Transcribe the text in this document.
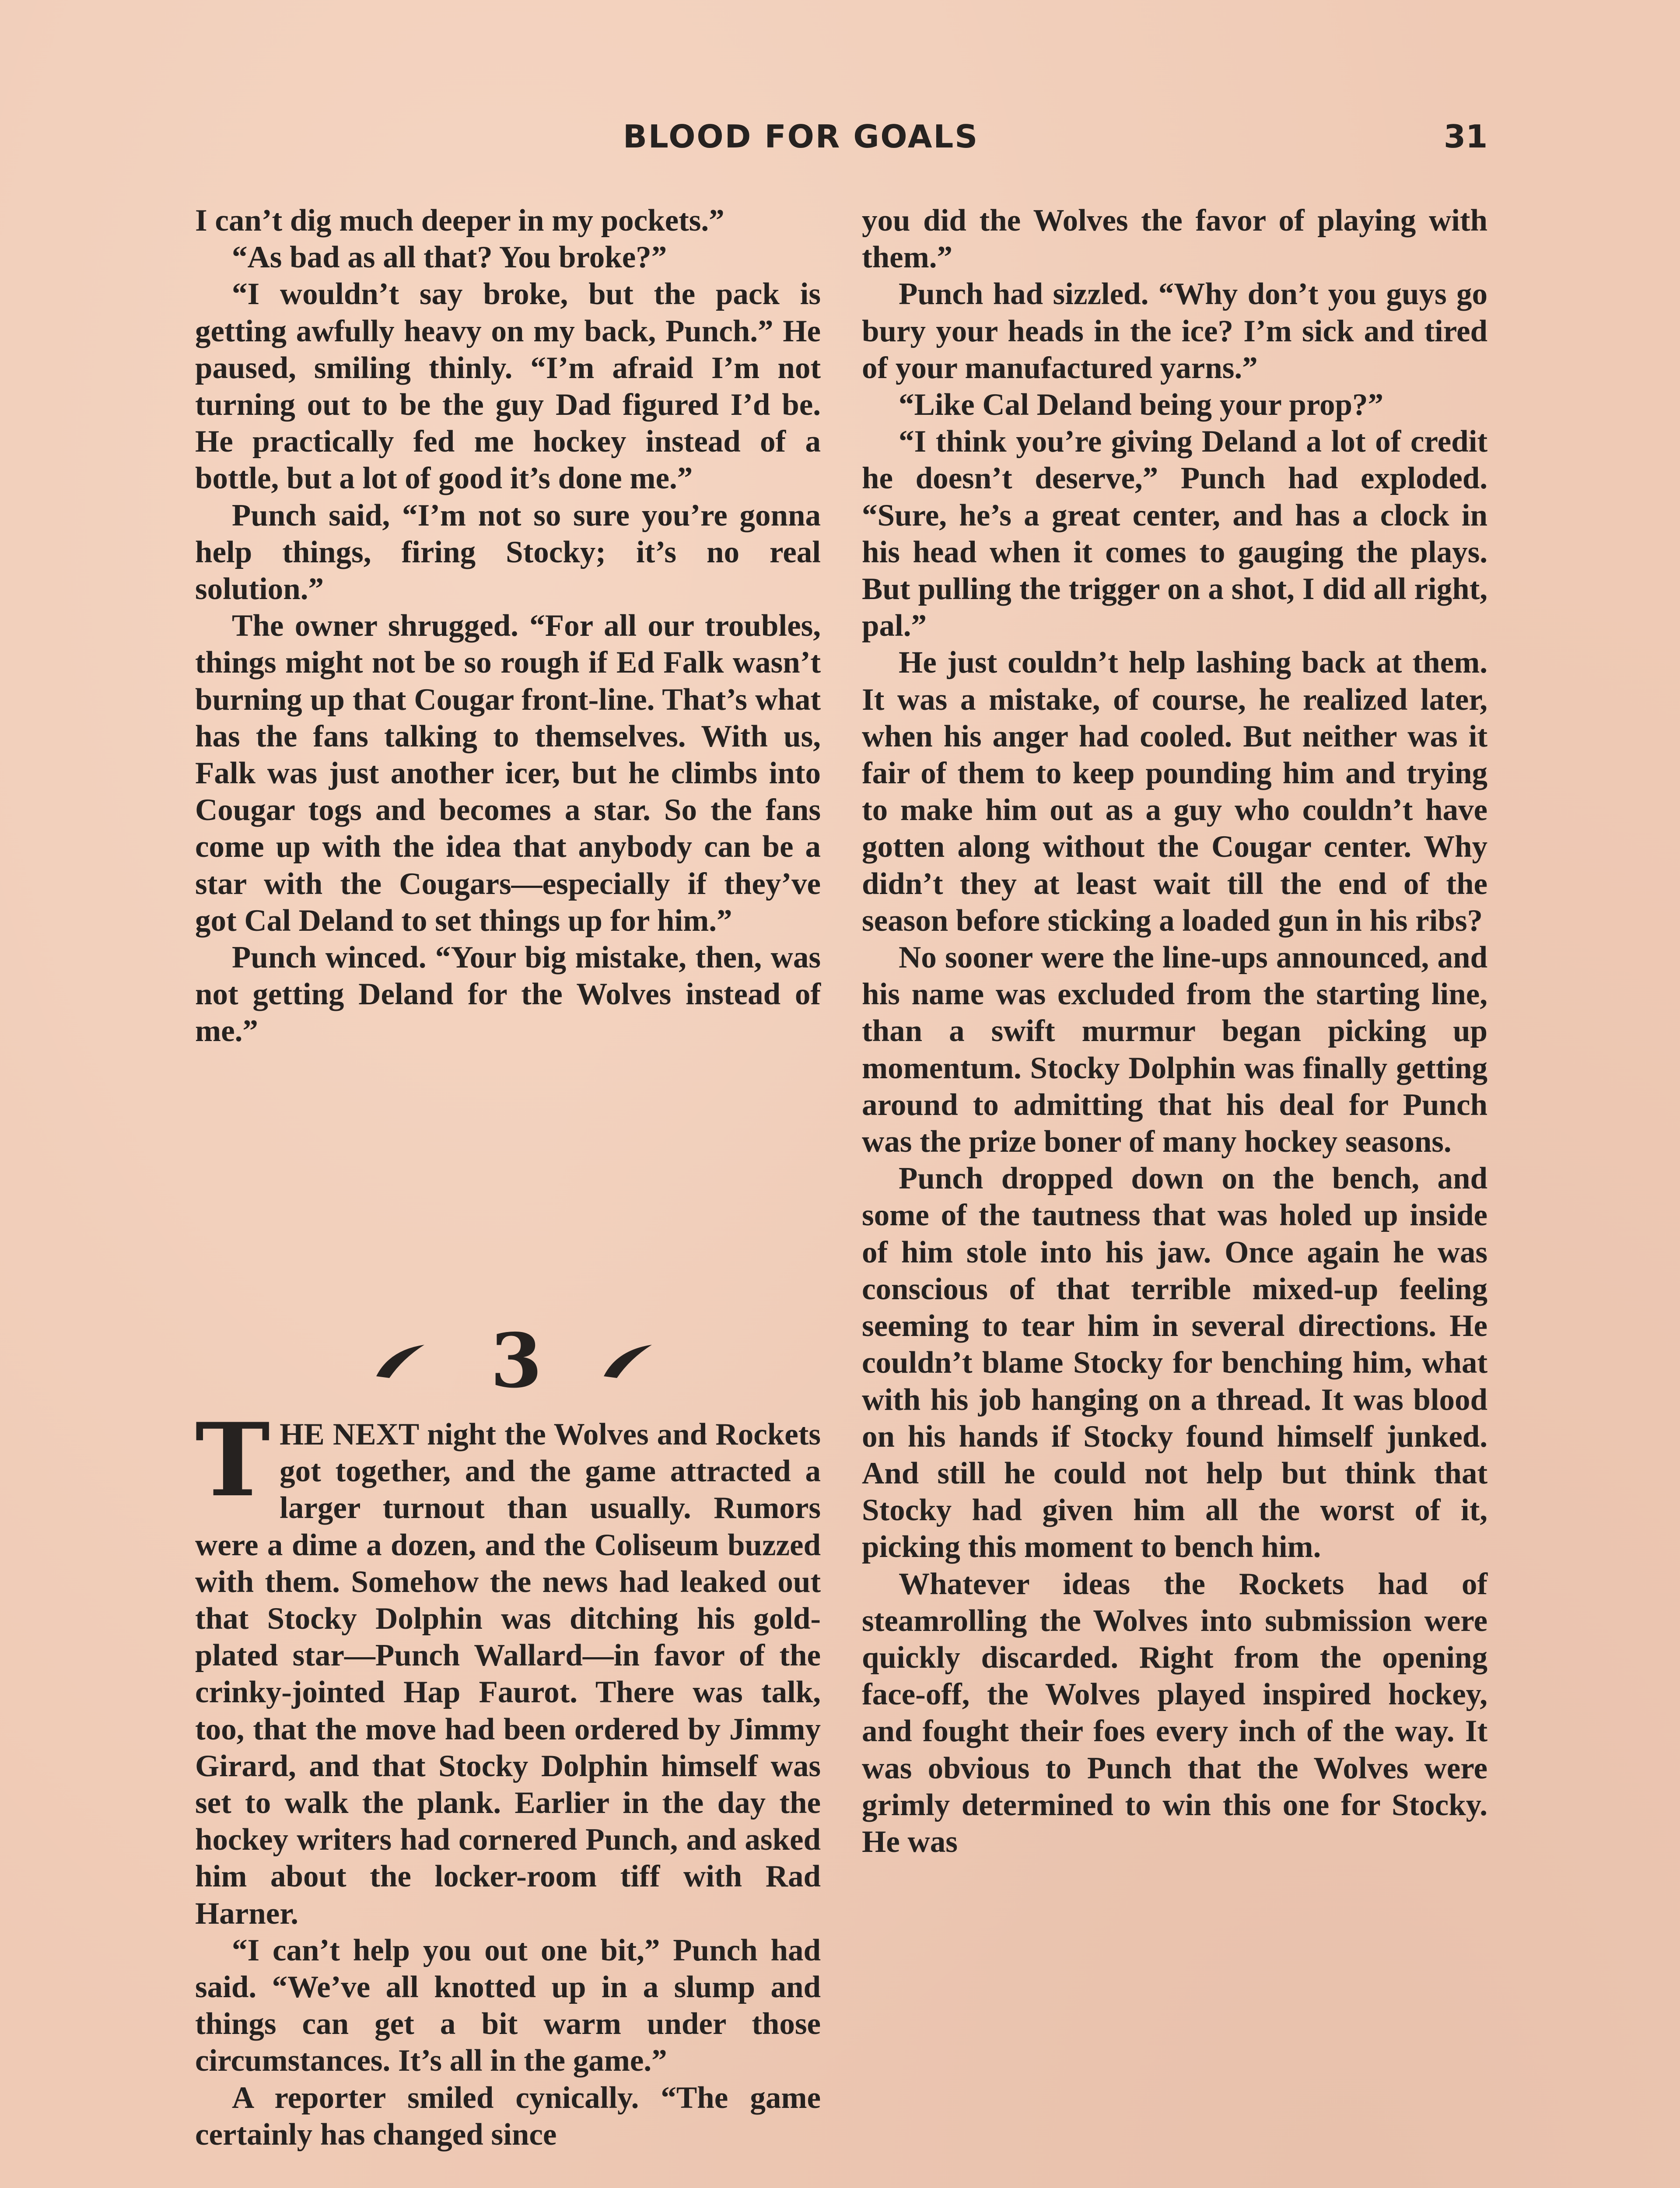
BLOOD FOR GOALS	31

I can’t dig much deeper in my pockets.”

“As bad as all that? You broke?”

“I wouldn’t say broke, but the pack is getting awfully heavy on my back, Punch.” He paused, smiling thinly. “I’m afraid I’m not turning out to be the guy Dad figured I’d be. He practically fed me hockey instead of a bottle, but a lot of good it’s done me.”

Punch said, “I’m not so sure you’re gonna help things, firing Stocky; it’s no real solution.”

The owner shrugged. “For all our troubles, things might not be so rough if Ed Falk wasn’t burning up that Cougar front-line. That’s what has the fans talking to themselves. With us, Falk was just another icer, but he climbs into Cougar togs and becomes a star. So the fans come up with the idea that anybody can be a star with the Cougars—especially if they’ve got Cal Deland to set things up for him.”

Punch winced. “Your big mistake, then, was not getting Deland for the Wolves instead of me.”

3

THE NEXT night the Wolves and Rockets got together, and the game attracted a larger turnout than usually. Rumors were a dime a dozen, and the Coliseum buzzed with them. Somehow the news had leaked out that Stocky Dolphin was ditching his gold-plated star—Punch Wallard—in favor of the crinky-jointed Hap Faurot. There was talk, too, that the move had been ordered by Jimmy Girard, and that Stocky Dolphin himself was set to walk the plank. Earlier in the day the hockey writers had cornered Punch, and asked him about the locker-room tiff with Rad Harner.

“I can’t help you out one bit,” Punch had said. “We’ve all knotted up in a slump and things can get a bit warm under those circumstances. It’s all in the game.”

A reporter smiled cynically. “The game certainly has changed since

you did the Wolves the favor of playing with them.”

Punch had sizzled. “Why don’t you guys go bury your heads in the ice? I’m sick and tired of your manufactured yarns.”

“Like Cal Deland being your prop?”

“I think you’re giving Deland a lot of credit he doesn’t deserve,” Punch had exploded. “Sure, he’s a great center, and has a clock in his head when it comes to gauging the plays. But pulling the trigger on a shot, I did all right, pal.”

He just couldn’t help lashing back at them. It was a mistake, of course, he realized later, when his anger had cooled. But neither was it fair of them to keep pounding him and trying to make him out as a guy who couldn’t have gotten along without the Cougar center. Why didn’t they at least wait till the end of the season before sticking a loaded gun in his ribs?

No sooner were the line-ups announced, and his name was excluded from the starting line, than a swift murmur began picking up momentum. Stocky Dolphin was finally getting around to admitting that his deal for Punch was the prize boner of many hockey seasons.

Punch dropped down on the bench, and some of the tautness that was holed up inside of him stole into his jaw. Once again he was conscious of that terrible mixed-up feeling seeming to tear him in several directions. He couldn’t blame Stocky for benching him, what with his job hanging on a thread. It was blood on his hands if Stocky found himself junked. And still he could not help but think that Stocky had given him all the worst of it, picking this moment to bench him.

Whatever ideas the Rockets had of steamrolling the Wolves into submission were quickly discarded. Right from the opening face-off, the Wolves played inspired hockey, and fought their foes every inch of the way. It was obvious to Punch that the Wolves were grimly determined to win this one for Stocky. He was
